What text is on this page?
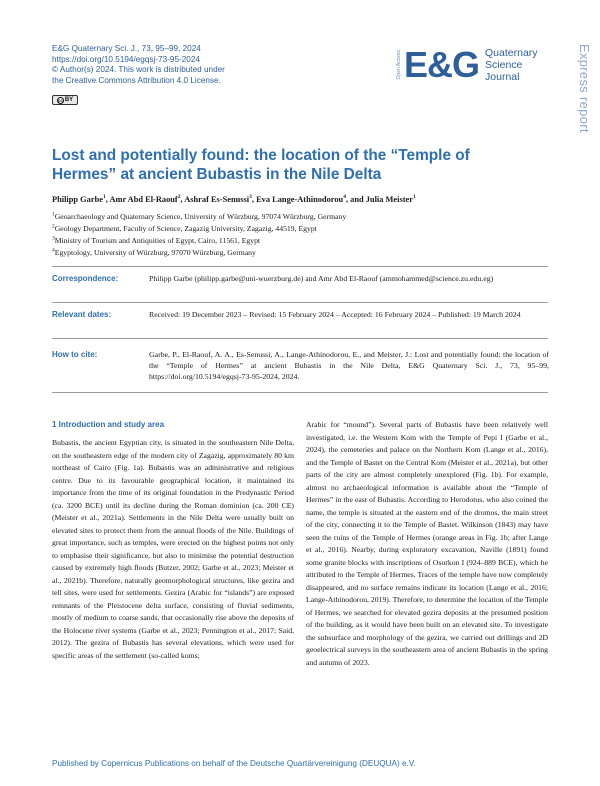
E&G Quaternary Sci. J., 73, 95–99, 2024
https://doi.org/10.5194/egqsj-73-95-2024
© Author(s) 2024. This work is distributed under
the Creative Commons Attribution 4.0 License.
cc BY
Open Access E&G Quaternary
Science
Journal	Express report
Lost and potentially found: the location of the “Temple of Hermes” at ancient Bubastis in the Nile Delta
Philipp Garbe$^1$, Amr Abd El-Raouf$^2$, Ashraf Es-Senussi$^3$, Eva Lange-Athinodorou$^4$, and Julia Meister$^1$
$^1$Geoarchaeology and Quaternary Science, University of Würzburg, 97074 Würzburg, Germany
$^2$Geology Department, Faculty of Science, Zagazig University, Zagazig, 44519, Egypt
$^3$Ministry of Tourism and Antiquities of Egypt, Cairo, 11561, Egypt
$^4$Egyptology, University of Würzburg, 97070 Würzburg, Germany
Correspondence:	Philipp Garbe (philipp.garbe@uni-wuerzburg.de) and Amr Abd El-Raouf (ammohammed@science.zu.edu.eg)
Relevant dates:	Received: 19 December 2023 – Revised: 15 February 2024 – Accepted: 16 February 2024 – Published: 19 March 2024
How to cite:	Garbe, P., El-Raouf, A. A., Es-Senussi, A., Lange-Athinodorou, E., and Meister, J.: Lost and potentially found: the location of the “Temple of Hermes” at ancient Bubastis in the Nile Delta, E&G Quaternary Sci. J., 73, 95–99, https://doi.org/10.5194/egqsj-73-95-2024, 2024.
1 Introduction and study area
Bubastis, the ancient Egyptian city, is situated in the southeastern Nile Delta, on the southeastern edge of the modern city of Zagazig, approximately 80 km northeast of Cairo (Fig. 1a). Bubastis was an administrative and religious centre. Due to its favourable geographical location, it maintained its importance from the time of its original foundation in the Predynastic Period (ca. 3200 BCE) until its decline during the Roman dominion (ca. 200 CE) (Meister et al., 2021a). Settlements in the Nile Delta were usually built on elevated sites to protect them from the annual floods of the Nile. Buildings of great importance, such as temples, were erected on the highest points not only to emphasise their significance, but also to minimise the potential destruction caused by extremely high floods (Butzer, 2002; Garbe et al., 2023; Meister et al., 2021b). Therefore, naturally geomorphological structures, like gezira and tell sites, were used for settlements. Gezira (Arabic for “islands”) are exposed remnants of the Pleistocene delta surface, consisting of fluvial sediments, mostly of medium to coarse sands, that occasionally rise above the deposits of the Holocene river systems (Garbe et al., 2023; Pennington et al., 2017; Said, 2012). The gezira of Bubastis has several elevations, which were used for specific areas of the settlement (so-called koms;
Arabic for “mound”). Several parts of Bubastis have been relatively well investigated, i.e. the Western Kom with the Temple of Pepi I (Garbe et al., 2024), the cemeteries and palace on the Northern Kom (Lange et al., 2016), and the Temple of Bastet on the Central Kom (Meister et al., 2021a), but other parts of the city are almost completely unexplored (Fig. 1b). For example, almost no archaeological information is available about the “Temple of Hermes” in the east of Bubastis. According to Herodotus, who also coined the name, the temple is situated at the eastern end of the dromos, the main street of the city, connecting it to the Temple of Bastet. Wilkinson (1843) may have seen the ruins of the Temple of Hermes (orange areas in Fig. 1b; after Lange et al., 2016). Nearby, during exploratory excavation, Naville (1891) found some granite blocks with inscriptions of Osorkon I (924–889 BCE), which he attributed to the Temple of Hermes. Traces of the temple have now completely disappeared, and no surface remains indicate its location (Lange et al., 2016; Lange-Athinodorou, 2019). Therefore, to determine the location of the Temple of Hermes, we searched for elevated gezira deposits at the presumed position of the building, as it would have been built on an elevated site. To investigate the subsurface and morphology of the gezira, we carried out drillings and 2D geoelectrical surveys in the southeastern area of ancient Bubastis in the spring and autumn of 2023.
Published by Copernicus Publications on behalf of the Deutsche Quartärvereinigung (DEUQUA) e.V.
